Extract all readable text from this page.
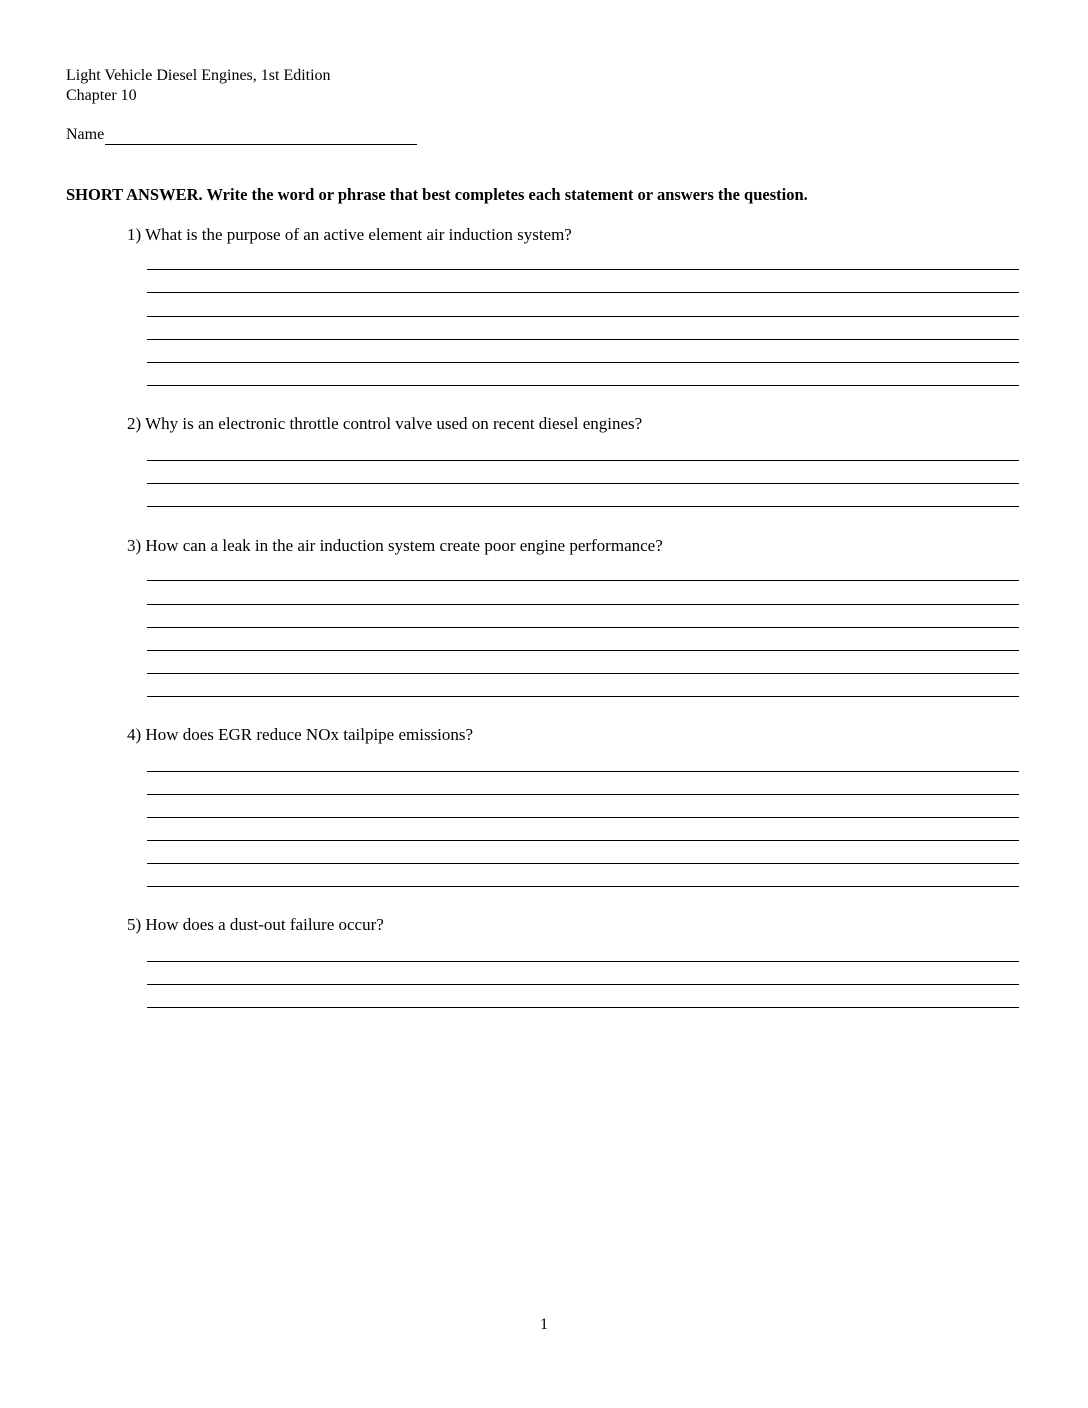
Light Vehicle Diesel Engines, 1st Edition
Chapter 10
Name
SHORT ANSWER. Write the word or phrase that best completes each statement or answers the question.
1) What is the purpose of an active element air induction system?
2) Why is an electronic throttle control valve used on recent diesel engines?
3) How can a leak in the air induction system create poor engine performance?
4) How does EGR reduce NOx tailpipe emissions?
5) How does a dust-out failure occur?
1
